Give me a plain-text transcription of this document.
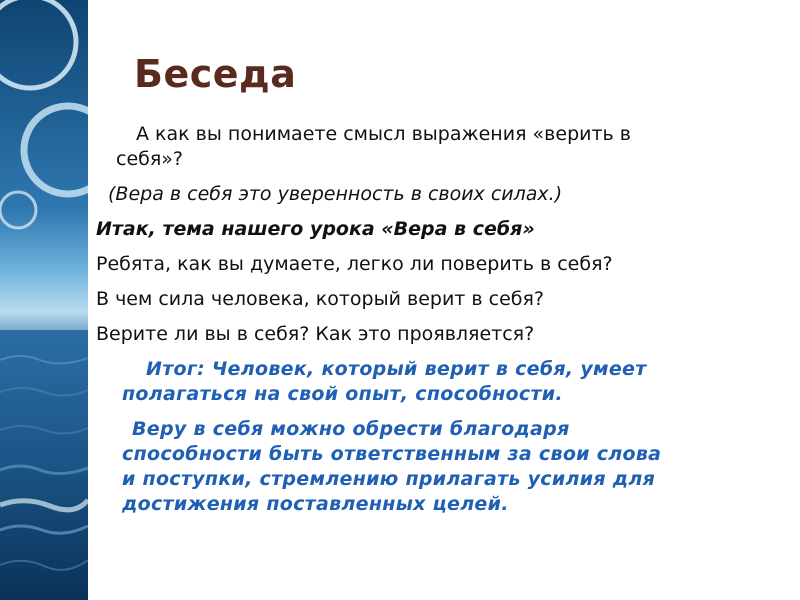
Беседа

А как вы понимаете смысл выражения «верить в
себя»?

(Вера в себя это уверенность в своих силах.)

Итак, тема нашего урока «Вера в себя»

Ребята, как вы думаете, легко ли поверить в себя?

В чем сила человека, который верит в себя?

Верите ли вы в себя? Как это проявляется?

Итог: Человек, который верит в себя, умеет
полагаться на свой опыт, способности.

Веру в себя можно обрести благодаря
способности быть ответственным за свои слова
и поступки, стремлению прилагать усилия для
достижения поставленных целей.
